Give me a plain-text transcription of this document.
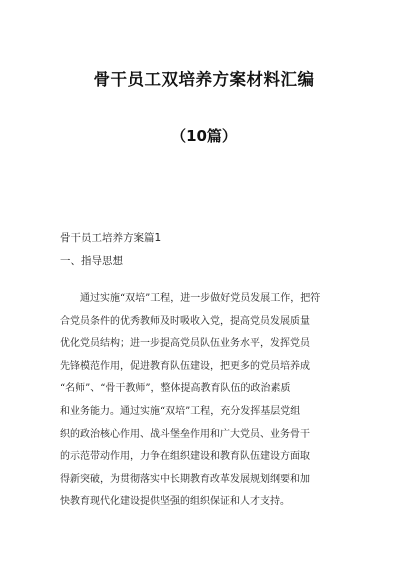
骨干员工双培养方案材料汇编
（10篇）

骨干员工培养方案篇1

一、指导思想

通过实施“双培”工程，进一步做好党员发展工作，把符
合党员条件的优秀教师及时吸收入党，提高党员发展质量
优化党员结构；进一步提高党员队伍业务水平，发挥党员
先锋模范作用，促进教育队伍建设，把更多的党员培养成
“名师”、“骨干教师”，整体提高教育队伍的政治素质
和业务能力。通过实施“双培”工程，充分发挥基层党组
织的政治核心作用、战斗堡垒作用和广大党员、业务骨干
的示范带动作用，力争在组织建设和教育队伍建设方面取
得新突破，为贯彻落实中长期教育改革发展规划纲要和加
快教育现代化建设提供坚强的组织保证和人才支持。
